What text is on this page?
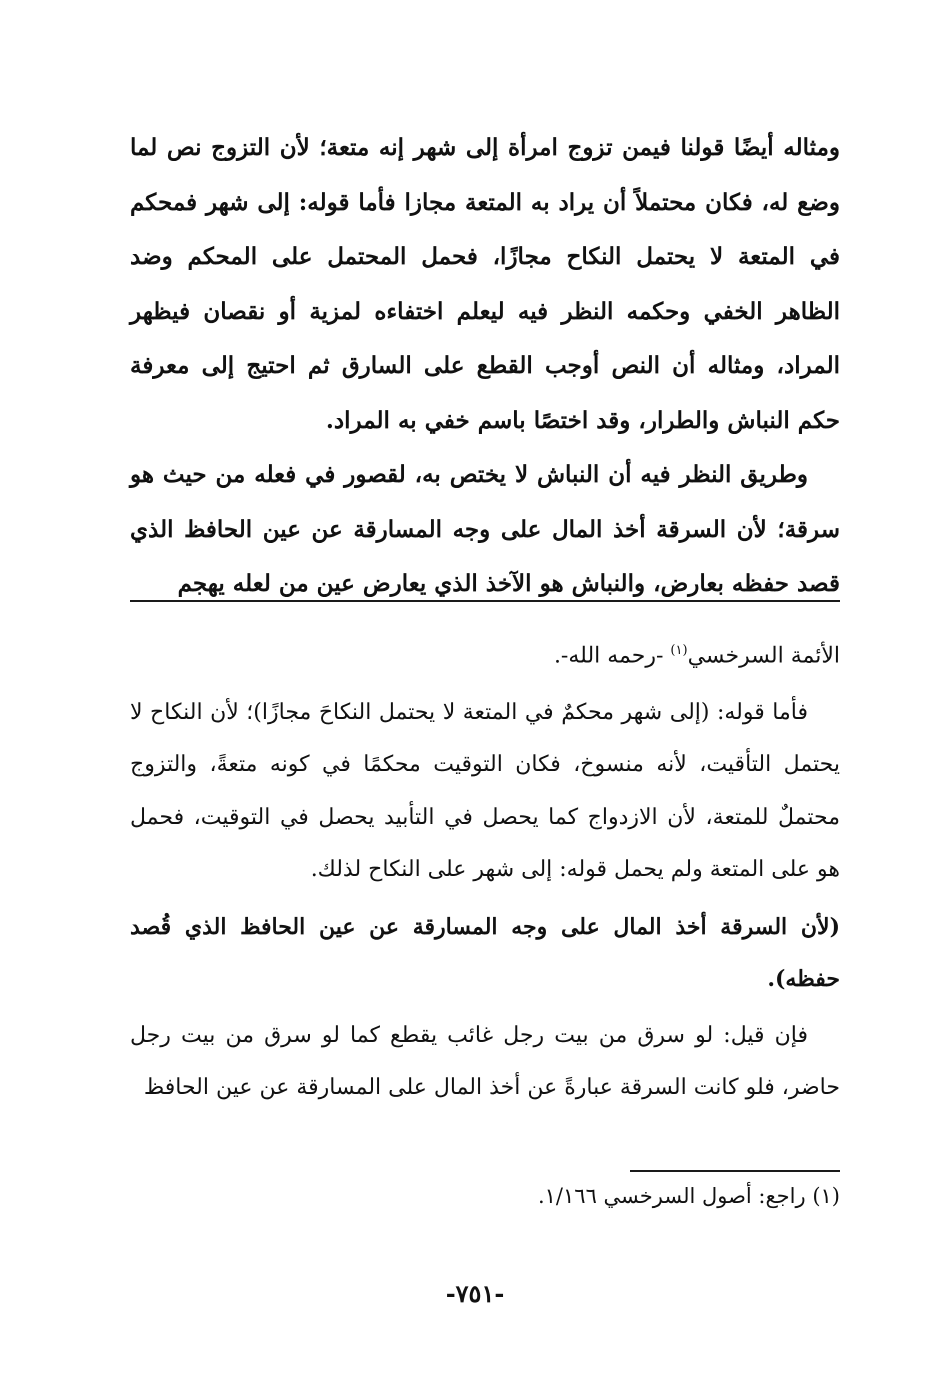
ومثاله أيضًا قولنا فيمن تزوج امرأة إلى شهر إنه متعة؛ لأن التزوج نص لما وضع له، فكان محتملاً أن يراد به المتعة مجازا فأما قوله: إلى شهر فمحكم في المتعة لا يحتمل النكاح مجازًا، فحمل المحتمل على المحكم وضد الظاهر الخفي وحكمه النظر فيه ليعلم اختفاءه لمزية أو نقصان فيظهر المراد، ومثاله أن النص أوجب القطع على السارق ثم احتيج إلى معرفة حكم النباش والطرار، وقد اختصًا باسم خفي به المراد.

وطريق النظر فيه أن النباش لا يختص به، لقصور في فعله من حيث هو سرقة؛ لأن السرقة أخذ المال على وجه المسارقة عن عين الحافظ الذي قصد حفظه بعارض، والنباش هو الآخذ الذي يعارض عين من لعله يهجم

الأئمة السرخسي$^{(١)}$ -رحمه الله-.

فأما قوله: (إلى شهر محكمٌ في المتعة لا يحتمل النكاحَ مجازًا)؛ لأن النكاح لا يحتمل التأقيت، لأنه منسوخ، فكان التوقيت محكمًا في كونه متعةً، والتزوج محتملٌ للمتعة، لأن الازدواج كما يحصل في التأبيد يحصل في التوقيت، فحمل هو على المتعة ولم يحمل قوله: إلى شهر على النكاح لذلك.

(لأن السرقة أخذ المال على وجه المسارقة عن عين الحافظ الذي قُصد حفظه).

فإن قيل: لو سرق من بيت رجل غائب يقطع كما لو سرق من بيت رجل حاضر، فلو كانت السرقة عبارةً عن أخذ المال على المسارقة عن عين الحافظ

(١) راجع: أصول السرخسي ١/١٦٦.

-٧٥١-
